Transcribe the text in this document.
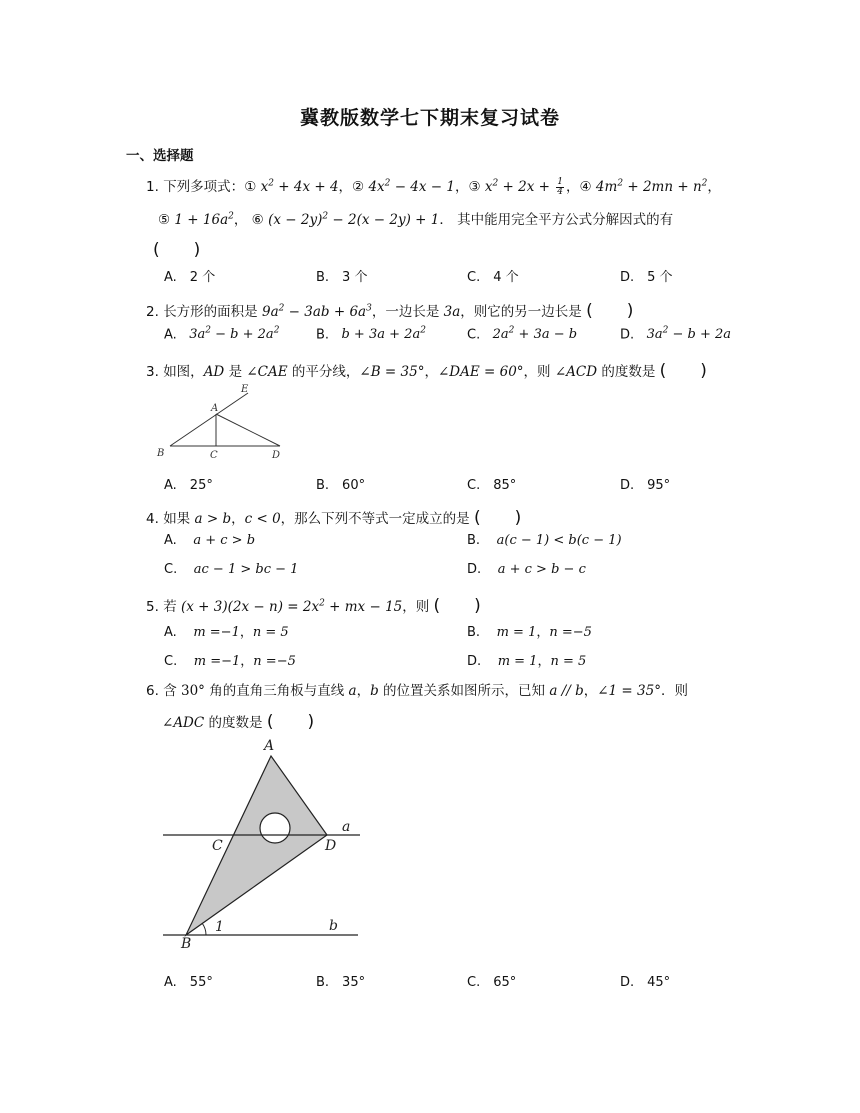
冀教版数学七下期末复习试卷
一、选择题
1. 下列多项式：① $x^2 + 4x + 4$，② $4x^2 - 4x - 1$，③ $x^2 + 2x + \frac{1}{4}$ ，④ $4m^2 + 2mn + n^2$，
⑤ $1 + 16a^2$， ⑥ $(x - 2y)^2 - 2(x - 2y) + 1$． 其中能用完全平方公式分解因式的有
(　　)
A.　2 个	B.　3 个	C.　4 个	D.　5 个
2. 长方形的面积是 $9a^2 - 3ab + 6a^3$，一边长是 3a，则它的另一边长是 (　　)
A. $3a^2 - b + 2a^2$	B. $b + 3a + 2a^2$	C. $2a^2 + 3a - b$	D. $3a^2 - b + 2a$
3. 如图，AD 是 ∠CAE 的平分线，∠B = 35°，∠DAE = 60°，则 ∠ACD 的度数是 (　　)
E
A
B	C	D
A.　25°	B.　60°	C.　85°	D.　95°
4. 如果 a > b，c < 0，那么下列不等式一定成立的是 (　　)
A. a + c > b	B. a(c − 1) < b(c − 1)
C. ac − 1 > bc − 1	D. a + c > b − c
5. 若 $(x + 3)(2x - n) = 2x^2$ + mx − 15，则 (　　)
A. m =−1，n = 5	B. m = 1，n =−5
C. m =−1，n =−5	D. m = 1，n = 5
6. 含 30° 角的直角三角板与直线 a，b 的位置关系如图所示，已知 a // b，∠1 = 35°．则
∠ADC 的度数是 (　　)
A
a
C	D
B
1	b
A.　55°	B.　35°	C.　65°	D.　45°
